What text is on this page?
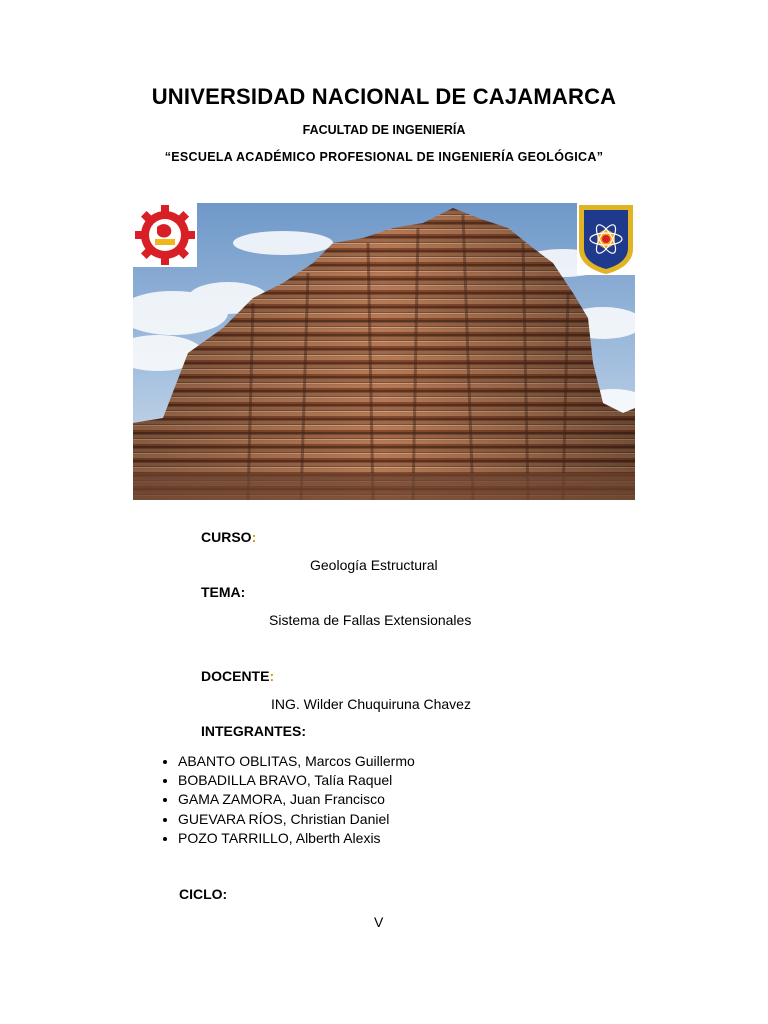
UNIVERSIDAD NACIONAL DE CAJAMARCA
FACULTAD DE INGENIERÍA
“ESCUELA ACADÉMICO PROFESIONAL DE INGENIERÍA GEOLÓGICA”
CURSO:
Geología Estructural
TEMA:
Sistema de Fallas Extensionales
DOCENTE:
ING. Wilder Chuquiruna Chavez
INTEGRANTES:
• ABANTO OBLITAS, Marcos Guillermo
• BOBADILLA BRAVO, Talía Raquel
• GAMA ZAMORA, Juan Francisco
• GUEVARA RÍOS, Christian Daniel
• POZO TARRILLO, Alberth Alexis
CICLO:
V
